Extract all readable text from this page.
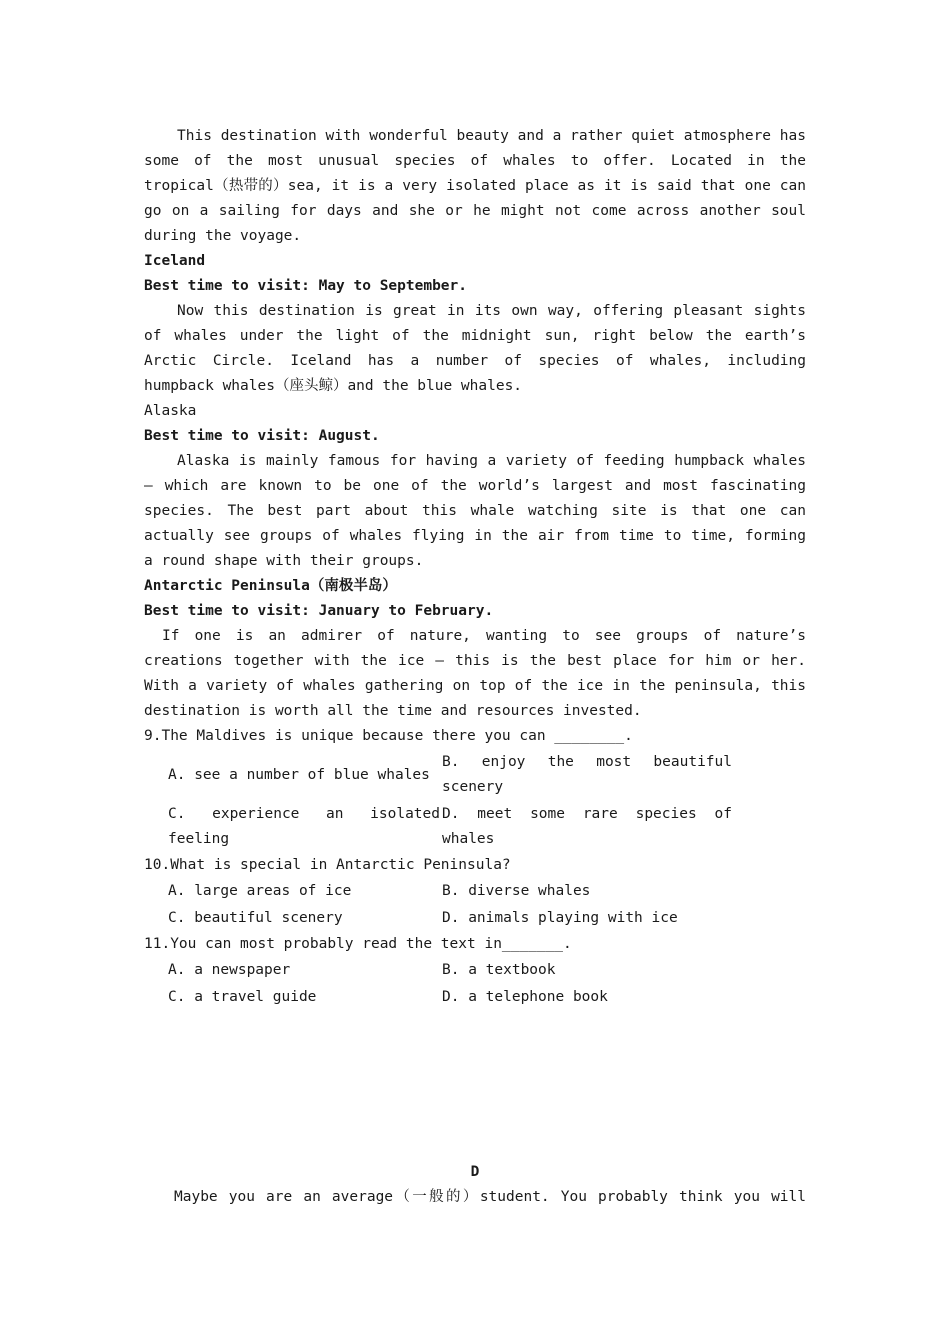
This destination with wonderful beauty and a rather quiet atmosphere has some of the most unusual species of whales to offer. Located in the tropical（热带的）sea, it is a very isolated place as it is said that one can go on a sailing for days and she or he might not come across another soul during the voyage.

Iceland

Best time to visit: May to September.

Now this destination is great in its own way, offering pleasant sights of whales under the light of the midnight sun, right below the earth’s Arctic Circle. Iceland has a number of species of whales, including humpback whales（座头鲸）and the blue whales.

Alaska

Best time to visit: August.

Alaska is mainly famous for having a variety of feeding humpback whales — which are known to be one of the world’s largest and most fascinating species. The best part about this whale watching site is that one can actually see groups of whales flying in the air from time to time, forming a round shape with their groups.

Antarctic Peninsula（南极半岛）

Best time to visit: January to February.

If one is an admirer of nature, wanting to see groups of nature’s creations together with the ice — this is the best place for him or her. With a variety of whales gathering on top of the ice in the peninsula, this destination is worth all the time and resources invested.

9.The Maldives is unique because there you can ________.

A. see a number of blue whales
B. enjoy the most beautiful scenery
C. experience an isolated feeling
D. meet some rare species of whales

10.What is special in Antarctic Peninsula?

A. large areas of ice	B. diverse whales
C. beautiful scenery	D. animals playing with ice

11.You can most probably read the text in_______.

A. a newspaper	B. a textbook
C. a travel guide	D. a telephone book
D
Maybe you are an average（一般的）student. You probably think you will
